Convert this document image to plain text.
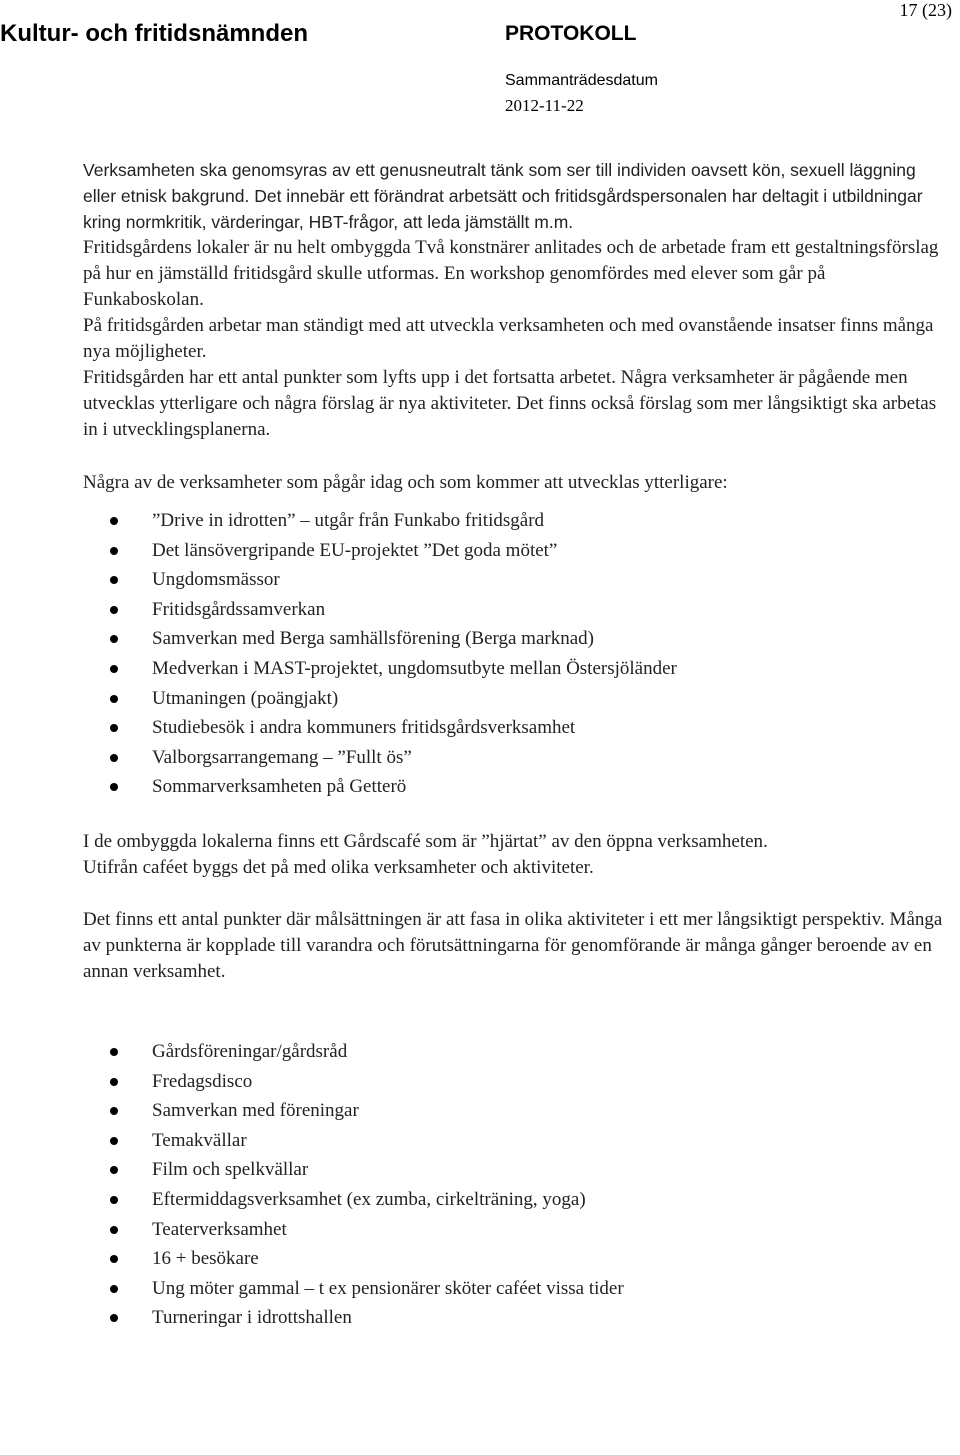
Kultur- och fritidsnämnden	PROTOKOLL
17 (23)
Sammanträdesdatum
2012-11-22

Verksamheten ska genomsyras av ett genusneutralt tänk som ser till individen oavsett kön, sexuell läggning eller etnisk bakgrund. Det innebär ett förändrat arbetsätt och fritidsgårdspersonalen har deltagit i utbildningar kring normkritik, värderingar, HBT-frågor, att leda jämställt m.m.

Fritidsgårdens lokaler är nu helt ombyggda Två konstnärer anlitades och de arbetade fram ett gestaltningsförslag på hur en jämställd fritidsgård skulle utformas. En workshop genomfördes med elever som går på Funkaboskolan.

På fritidsgården arbetar man ständigt med att utveckla verksamheten och med ovanstående insatser finns många nya möjligheter.

Fritidsgården har ett antal punkter som lyfts upp i det fortsatta arbetet. Några verksamheter är pågående men utvecklas ytterligare och några förslag är nya aktiviteter. Det finns också förslag som mer långsiktigt ska arbetas in i utvecklingsplanerna.

Några av de verksamheter som pågår idag och som kommer att utvecklas ytterligare:

”Drive in idrotten” – utgår från Funkabo fritidsgård
Det länsövergripande EU-projektet ”Det goda mötet”
Ungdomsmässor
Fritidsgårdssamverkan
Samverkan med Berga samhällsförening (Berga marknad)
Medverkan i MAST-projektet, ungdomsutbyte mellan Östersjöländer
Utmaningen (poängjakt)
Studiebesök i andra kommuners fritidsgårdsverksamhet
Valborgsarrangemang – ”Fullt ös”
Sommarverksamheten på Getterö

I de ombyggda lokalerna finns ett Gårdscafé som är ”hjärtat” av den öppna verksamheten.

Utifrån caféet byggs det på med olika verksamheter och aktiviteter.

Det finns ett antal punkter där målsättningen är att fasa in olika aktiviteter i ett mer långsiktigt perspektiv. Många av punkterna är kopplade till varandra och förutsättningarna för genomförande är många gånger beroende av en annan verksamhet.

Gårdsföreningar/gårdsråd
Fredagsdisco
Samverkan med föreningar
Temakvällar
Film och spelkvällar
Eftermiddagsverksamhet (ex zumba, cirkelträning, yoga)
Teaterverksamhet
16 + besökare
Ung möter gammal – t ex pensionärer sköter caféet vissa tider
Turneringar i idrottshallen
